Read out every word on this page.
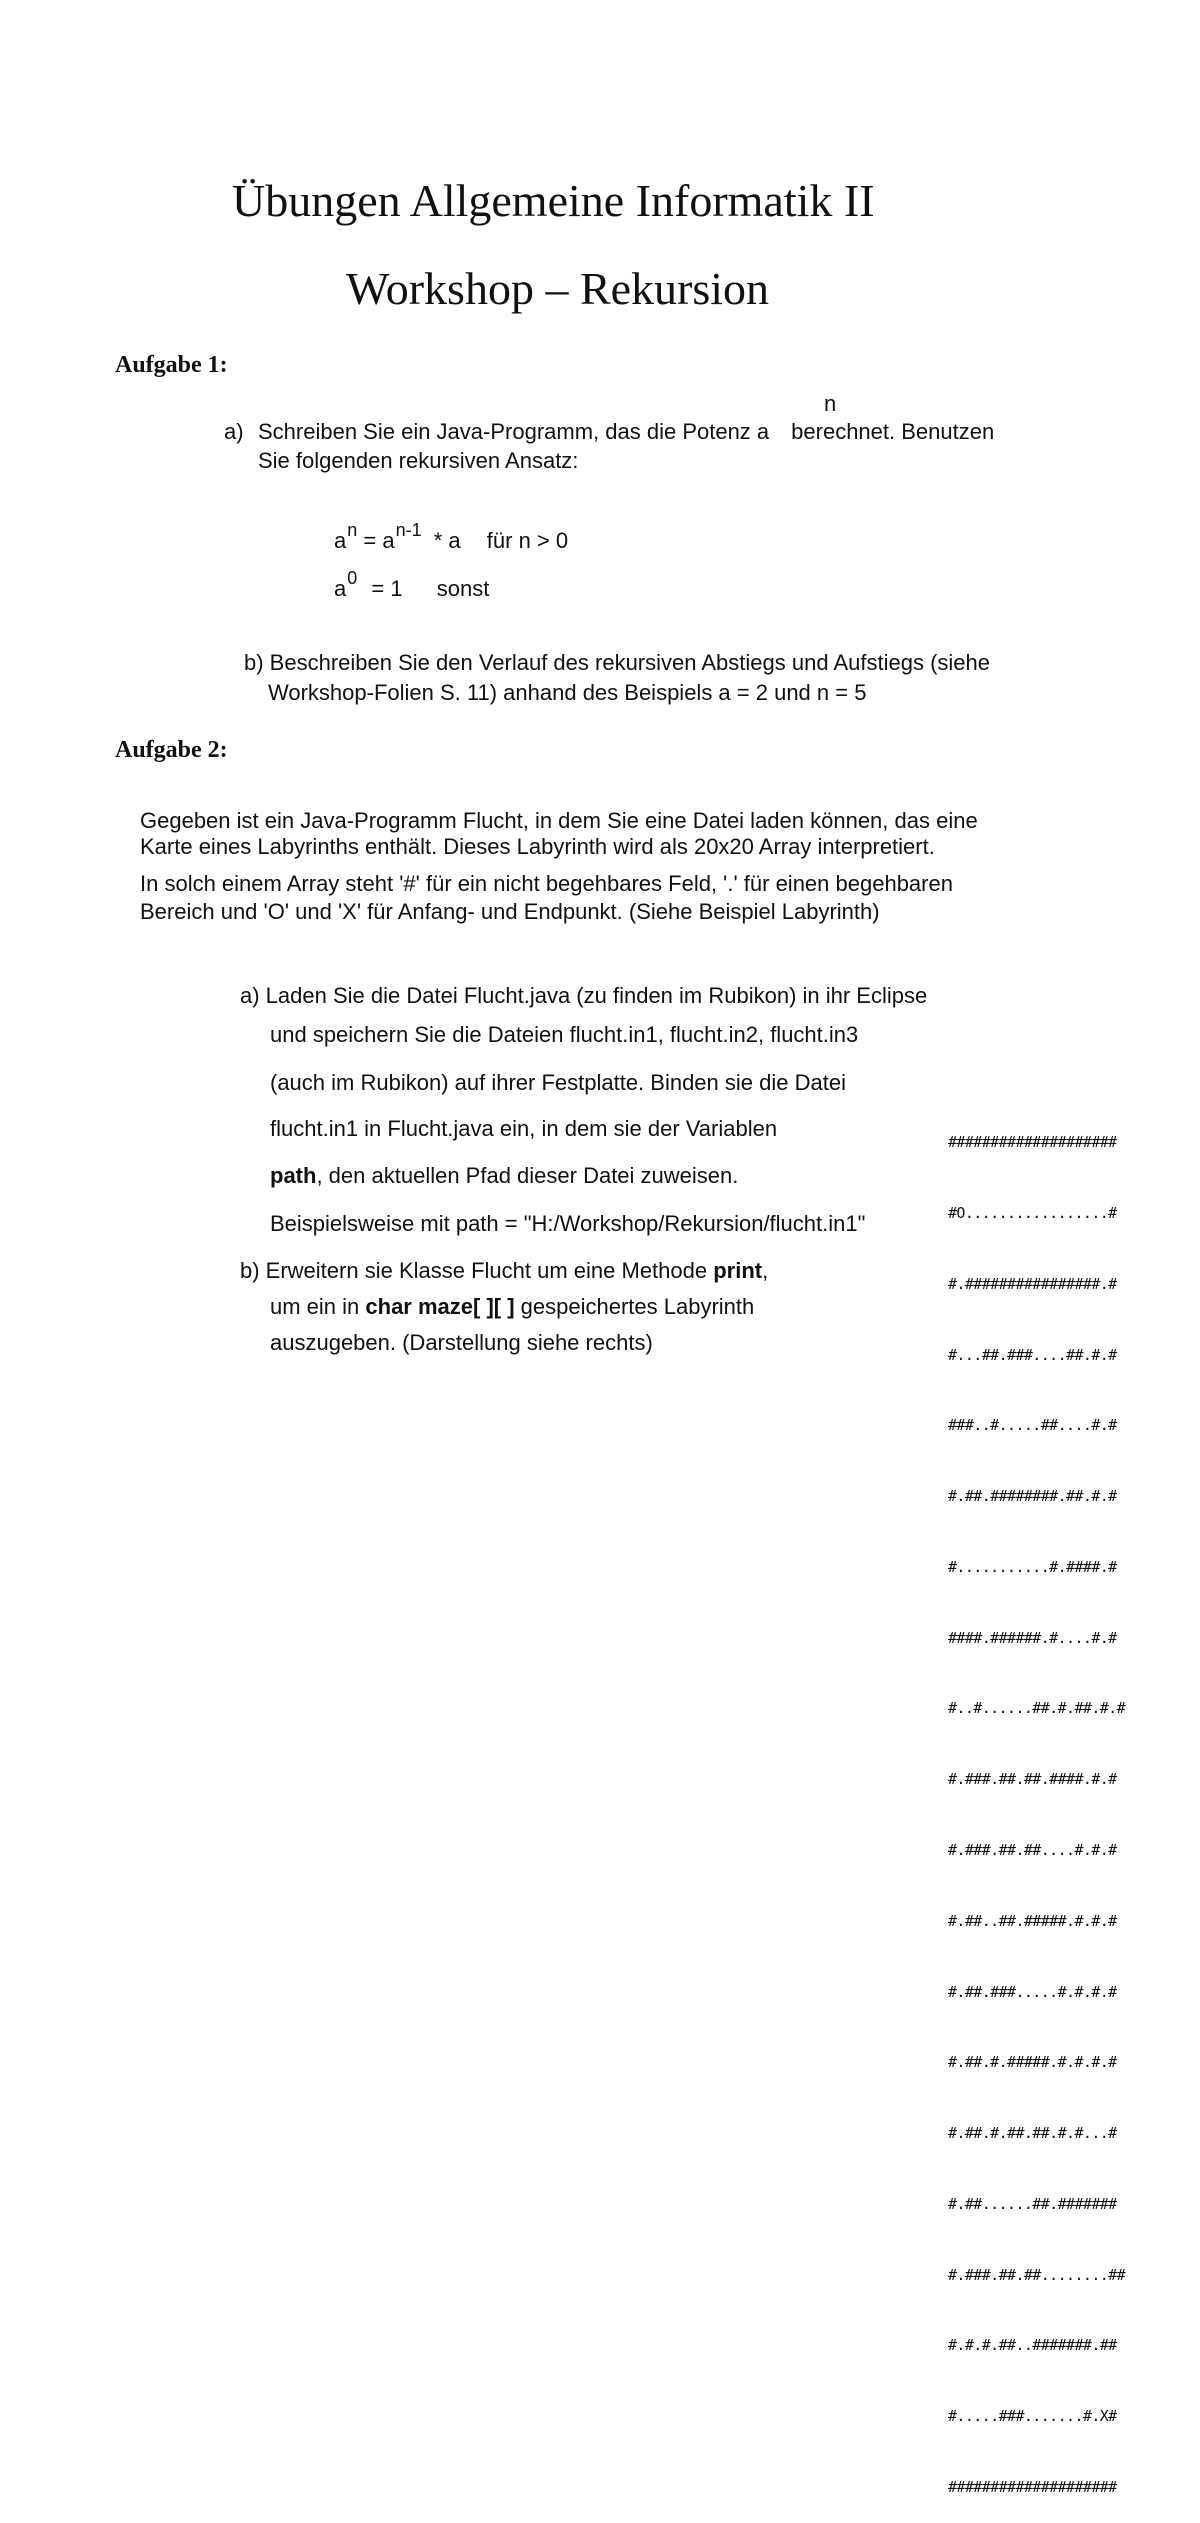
Übungen Allgemeine Informatik II
Workshop – Rekursion
Aufgabe 1:
n
a) Schreiben Sie ein Java-Programm, das die Potenz a berechnet. Benutzen
Sie folgenden rekursiven Ansatz:
$a^n = a^{n-1} * a$ für n > 0
$a^0 = 1$ sonst
b) Beschreiben Sie den Verlauf des rekursiven Abstiegs und Aufstiegs (siehe
Workshop-Folien S. 11) anhand des Beispiels a = 2 und n = 5
Aufgabe 2:
Gegeben ist ein Java-Programm Flucht, in dem Sie eine Datei laden können, das eine
Karte eines Labyrinths enthält. Dieses Labyrinth wird als 20x20 Array interpretiert.
In solch einem Array steht '#' für ein nicht begehbares Feld, '.' für einen begehbaren
Bereich und 'O' und 'X' für Anfang- und Endpunkt. (Siehe Beispiel Labyrinth)
a) Laden Sie die Datei Flucht.java (zu finden im Rubikon) in ihr Eclipse
und speichern Sie die Dateien flucht.in1, flucht.in2, flucht.in3
(auch im Rubikon) auf ihrer Festplatte. Binden sie die Datei
flucht.in1 in Flucht.java ein, in dem sie der Variablen
path, den aktuellen Pfad dieser Datei zuweisen.
Beispielsweise mit path = "H:/Workshop/Rekursion/flucht.in1"
b) Erweitern sie Klasse Flucht um eine Methode print,
um ein in char maze[ ][ ] gespeichertes Labyrinth
auszugeben. (Darstellung siehe rechts)

####################

#O.................#

#.################.#

#...##.###....##.#.#

###..#.....##....#.#

#.##.########.##.#.#

#...........#.####.#

####.######.#....#.#

#..#......##.#.##.#.#

#.###.##.##.####.#.#

#.###.##.##....#.#.#

#.##..##.#####.#.#.#

#.##.###.....#.#.#.#

#.##.#.#####.#.#.#.#

#.##.#.##.##.#.#...#

#.##......##.#######

#.###.##.##........##

#.#.#.##..#######.##

#.....###.......#.X#

####################
